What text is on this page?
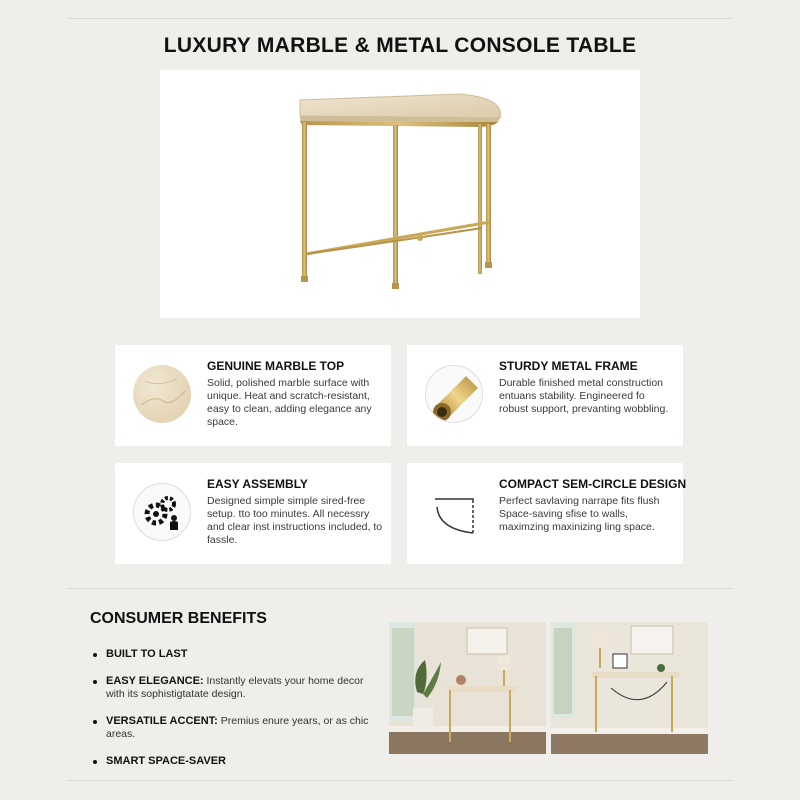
LUXURY MARBLE & METAL CONSOLE TABLE
GENUINE MARBLE TOP

Solid, polished marble surface with unique. Heat and scratch-resistant, easy to clean, adding elegance any space.

STURDY METAL FRAME

Durable finished metal construction entuans stability. Engineered fo robust support, prevanting wobbling.

EASY ASSEMBLY

Designed simple simple sired-free setup. tto too minutes. All necessry and clear inst instructions included, to fassle.

COMPACT SEM-CIRCLE DESIGN

Perfect savlaving narrape fits flush Space-saving sfise to walls, maximzing maxinizing ling space.

CONSUMER BENEFITS
BUILT TO LAST
EASY ELEGANCE: Instantly elevats your home decor with its sophistigtatate design.
VERSATILE ACCENT: Premius enure years, or as chic areas.
SMART SPACE-SAVER
